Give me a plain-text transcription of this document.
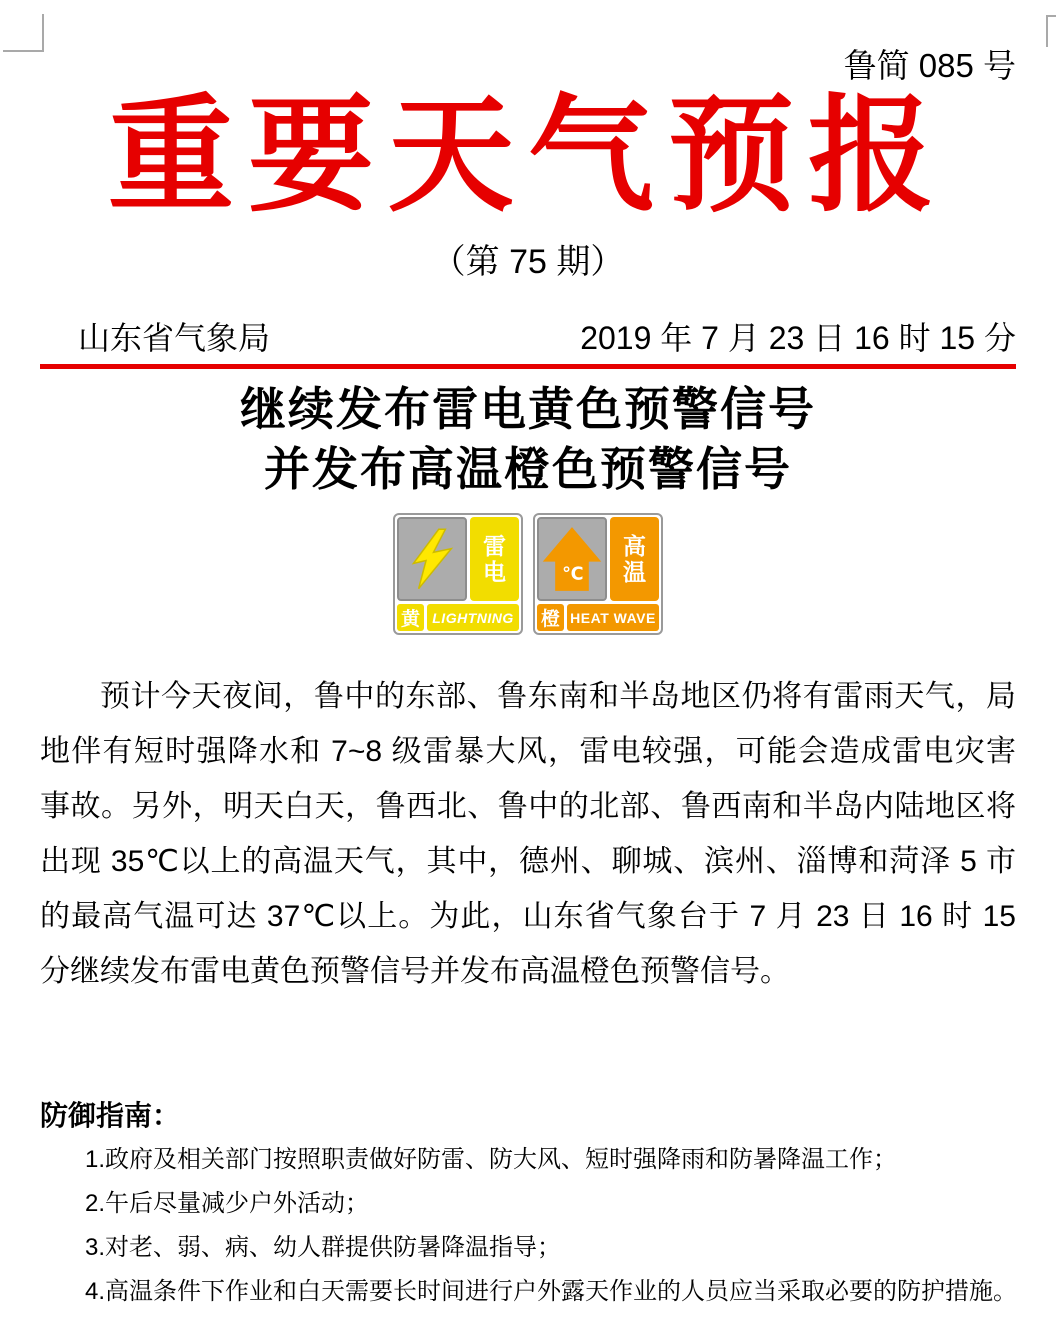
鲁简 085 号
重要天气预报
（第 75 期）
山东省气象局	2019 年 7 月 23 日 16 时 15 分
继续发布雷电黄色预警信号
并发布高温橙色预警信号
雷
电
黄 LIGHTNING
℃
高
温
橙 HEAT WAVE
预计今天夜间，鲁中的东部、鲁东南和半岛地区仍将有雷雨天气，局
地伴有短时强降水和 7~8 级雷暴大风，雷电较强，可能会造成雷电灾害
事故。另外，明天白天，鲁西北、鲁中的北部、鲁西南和半岛内陆地区将
出现 35℃以上的高温天气，其中，德州、聊城、滨州、淄博和菏泽 5 市
的最高气温可达 37℃以上。为此，山东省气象台于 7 月 23 日 16 时 15
分继续发布雷电黄色预警信号并发布高温橙色预警信号。
防御指南：
1.政府及相关部门按照职责做好防雷、防大风、短时强降雨和防暑降温工作；
2.午后尽量减少户外活动；
3.对老、弱、病、幼人群提供防暑降温指导；
4.高温条件下作业和白天需要长时间进行户外露天作业的人员应当采取必要的防护措施。
